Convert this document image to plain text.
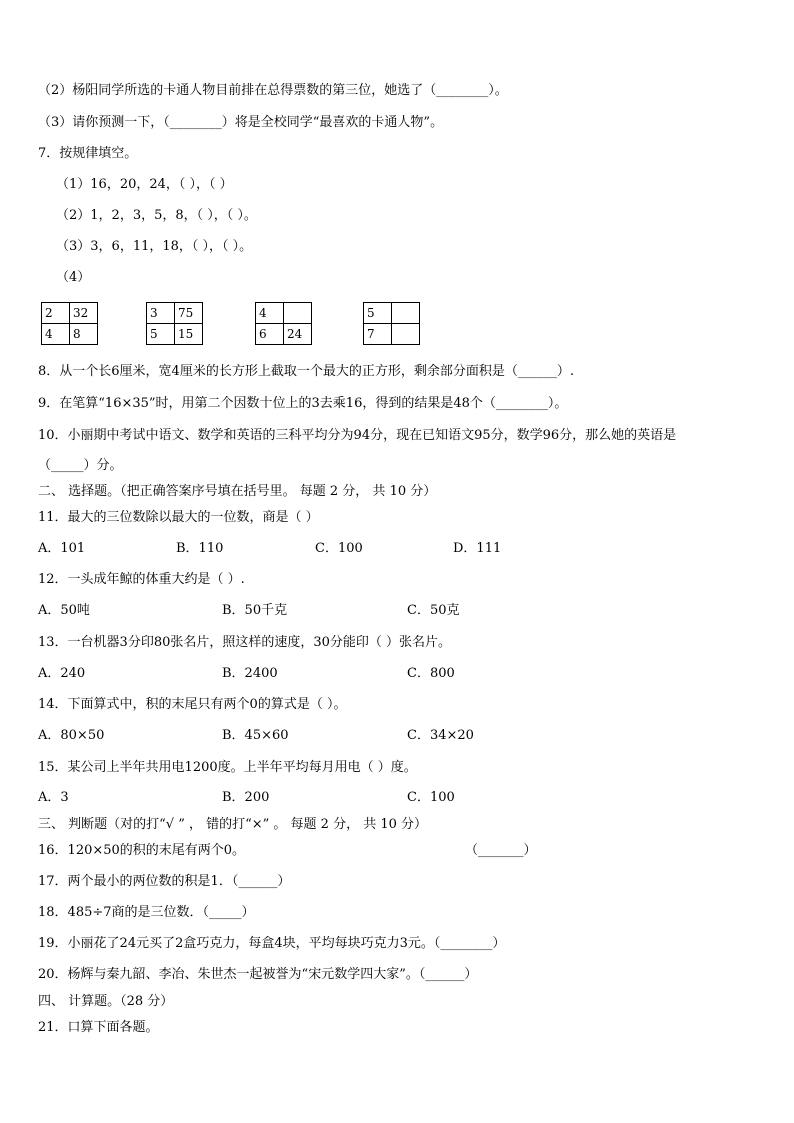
（2）杨阳同学所选的卡通人物目前排在总得票数的第三位，她选了（________）。
（3）请你预测一下，（________）将是全校同学“最喜欢的卡通人物”。
7．按规律填空。
（1）16，20，24，（ ），（ ）
（2）1，2，3，5，8，（ ），（ ）。
（3）3，6，11，18，（ ），（ ）。
（4）
2	32
4	8
3	75
5	15
4	
6	24
5	
7	
8．从一个长6厘米，宽4厘米的长方形上截取一个最大的正方形，剩余部分面积是（______）.
9．在笔算“16×35”时，用第二个因数十位上的3去乘16，得到的结果是48个（________）。
10．小丽期中考试中语文、数学和英语的三科平均分为94分，现在已知语文95分，数学96分，那么她的英语是
（_____）分。
二、 选择题。（把正确答案序号填在括号里。 每题 2 分， 共 10 分）
11．最大的三位数除以最大的一位数，商是（ ）
A．101	B．110	C．100	D．111
12．一头成年鲸的体重大约是（ ）.
A．50吨	B．50千克	C．50克
13．一台机器3分印80张名片，照这样的速度，30分能印（ ）张名片。
A．240	B．2400	C．800
14．下面算式中，积的末尾只有两个0的算式是（ ）。
A．80×50	B．45×60	C．34×20
15．某公司上半年共用电1200度。上半年平均每月用电（ ）度。
A．3	B．200	C．100
三、 判断题（对的打“√ ” ， 错的打“×” 。 每题 2 分， 共 10 分）
16．120×50的积的末尾有两个0。	（_______）
17．两个最小的两位数的积是1．（______）
18．485÷7商的是三位数．（_____）
19．小丽花了24元买了2盒巧克力，每盒4块，平均每块巧克力3元。（________）
20．杨辉与秦九韶、李冶、朱世杰一起被誉为“宋元数学四大家”。（______）
四、 计算题。（28 分）
21．口算下面各题。
